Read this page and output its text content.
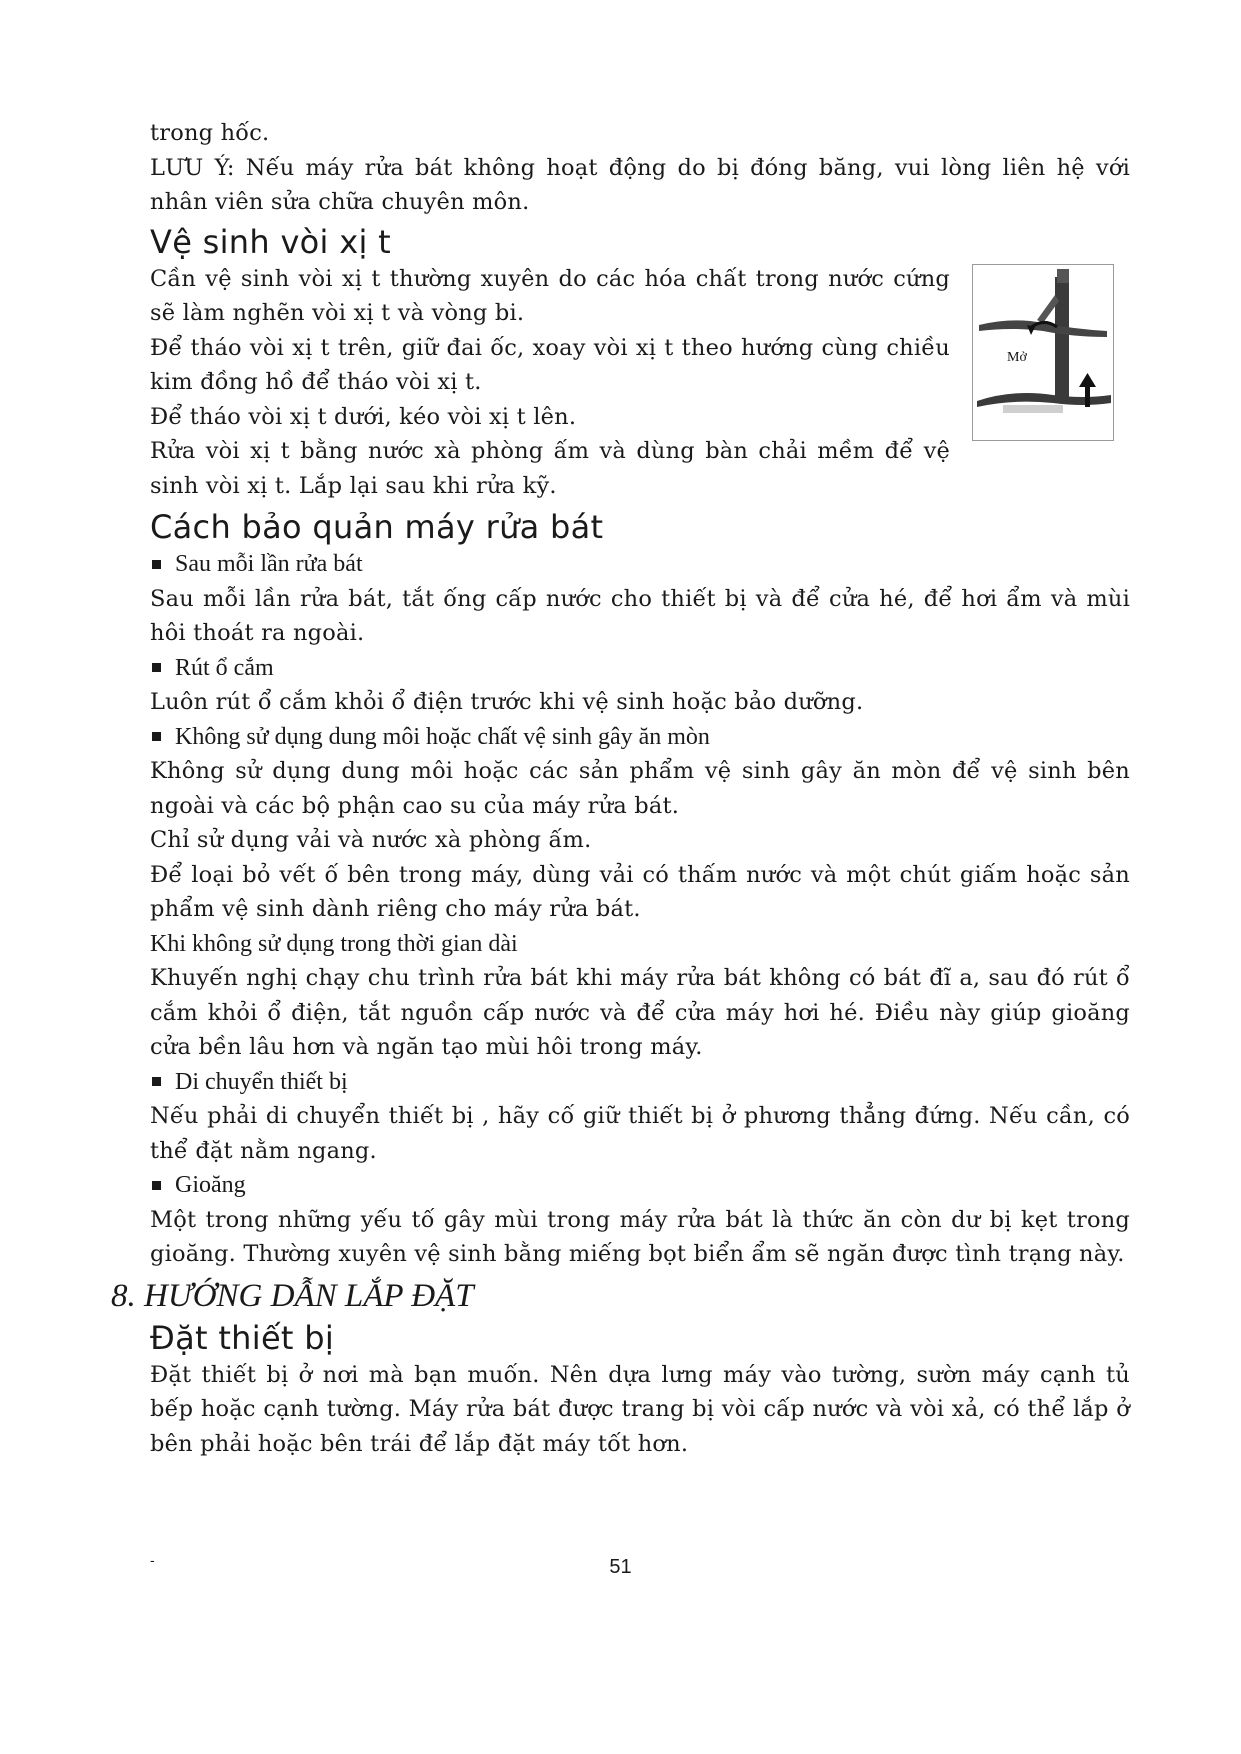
trong hốc.

LƯU Ý: Nếu máy rửa bát không hoạt động do bị đóng băng, vui lòng liên hệ với nhân viên sửa chữa chuyên môn.

Vệ sinh vòi xị t

Cần vệ sinh vòi xị t thường xuyên do các hóa chất trong nước cứng sẽ làm nghẽn vòi xị t và vòng bi.

Để tháo vòi xị t trên, giữ đai ốc, xoay vòi xị t theo hướng cùng chiều kim đồng hồ để tháo vòi xị t.

Để tháo vòi xị t dưới, kéo vòi xị t lên.

Rửa vòi xị t bằng nước xà phòng ấm và dùng bàn chải mềm để vệ sinh vòi xị t. Lắp lại sau khi rửa kỹ.

Mở
Cách bảo quản máy rửa bát
Sau mỗi lần rửa bát

Sau mỗi lần rửa bát, tắt ống cấp nước cho thiết bị và để cửa hé, để hơi ẩm và mùi hôi thoát ra ngoài.

Rút ổ cắm

Luôn rút ổ cắm khỏi ổ điện trước khi vệ sinh hoặc bảo dưỡng.

Không sử dụng dung môi hoặc chất vệ sinh gây ăn mòn

Không sử dụng dung môi hoặc các sản phẩm vệ sinh gây ăn mòn để vệ sinh bên ngoài và các bộ phận cao su của máy rửa bát.

Chỉ sử dụng vải và nước xà phòng ấm.

Để loại bỏ vết ố bên trong máy, dùng vải có thấm nước và một chút giấm hoặc sản phẩm vệ sinh dành riêng cho máy rửa bát.

Khi không sử dụng trong thời gian dài

Khuyến nghị chạy chu trình rửa bát khi máy rửa bát không có bát đĩ a, sau đó rút ổ cắm khỏi ổ điện, tắt nguồn cấp nước và để cửa máy hơi hé. Điều này giúp gioăng cửa bền lâu hơn và ngăn tạo mùi hôi trong máy.

Di chuyển thiết bị

Nếu phải di chuyển thiết bị , hãy cố giữ thiết bị ở phương thẳng đứng. Nếu cần, có thể đặt nằm ngang.

Gioăng

Một trong những yếu tố gây mùi trong máy rửa bát là thức ăn còn dư bị kẹt trong gioăng. Thường xuyên vệ sinh bằng miếng bọt biển ẩm sẽ ngăn được tình trạng này.

8. HƯỚNG DẪN LẮP ĐẶT
Đặt thiết bị

Đặt thiết bị ở nơi mà bạn muốn. Nên dựa lưng máy vào tường, sườn máy cạnh tủ bếp hoặc cạnh tường. Máy rửa bát được trang bị vòi cấp nước và vòi xả, có thể lắp ở bên phải hoặc bên trái để lắp đặt máy tốt hơn.

-	51
